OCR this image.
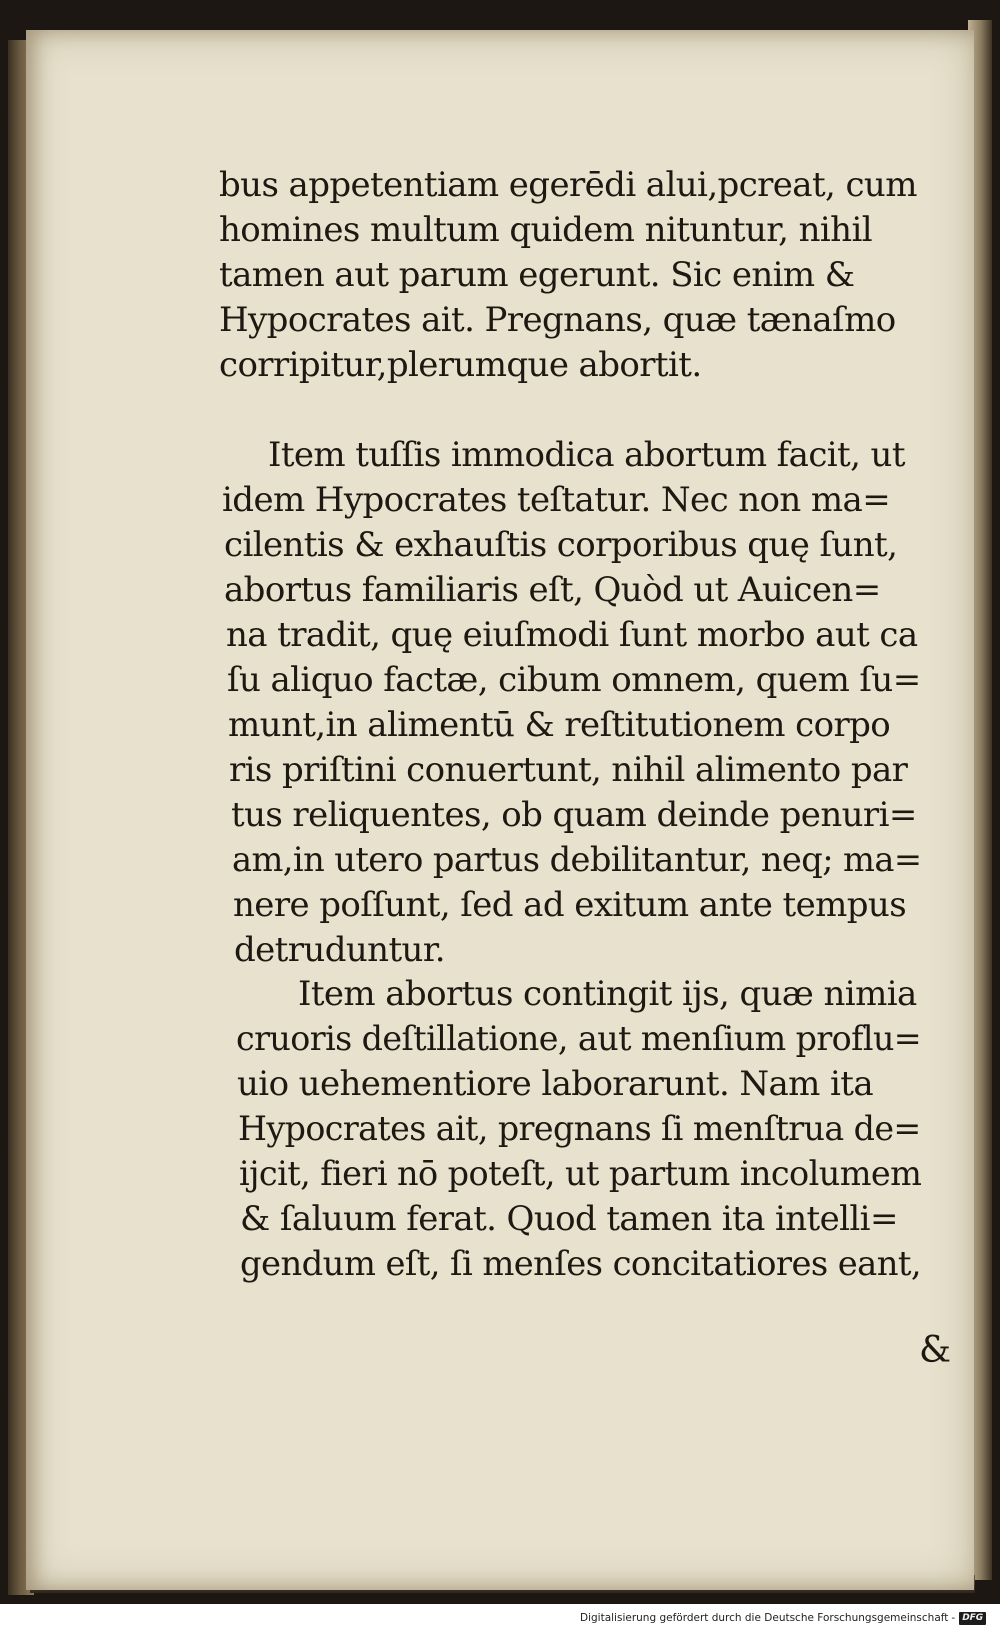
bus appetentiam egerēdi alui,pcreat, cum
homines multum quidem nituntur, nihil
tamen aut parum egerunt. Sic enim &
Hypocrates ait. Pregnans, quæ tænaſmo
corripitur,plerumque abortit.
Item tuſſis immodica abortum facit, ut
idem Hypocrates teſtatur. Nec non ma=
cilentis & exhauſtis corporibus quę ſunt,
abortus familiaris eſt, Quòd ut Auicen=
na tradit, quę eiuſmodi ſunt morbo aut ca
ſu aliquo factæ, cibum omnem, quem ſu=
munt,in alimentū & reſtitutionem corpo
ris priſtini conuertunt, nihil alimento par
tus reliquentes, ob quam deinde penuri=
am,in utero partus debilitantur, neq; ma=
nere poſſunt, ſed ad exitum ante tempus
detruduntur.
Item abortus contingit ijs, quæ nimia
cruoris deſtillatione, aut menſium proflu=
uio uehementiore laborarunt. Nam ita
Hypocrates ait, pregnans ſi menſtrua de=
ijcit, fieri nō poteſt, ut partum incolumem
& ſaluum ferat. Quod tamen ita intelli=
gendum eſt, ſi menſes concitatiores eant,
&
Digitalisierung gefördert durch die Deutsche Forschungsgemeinschaft - DFG
